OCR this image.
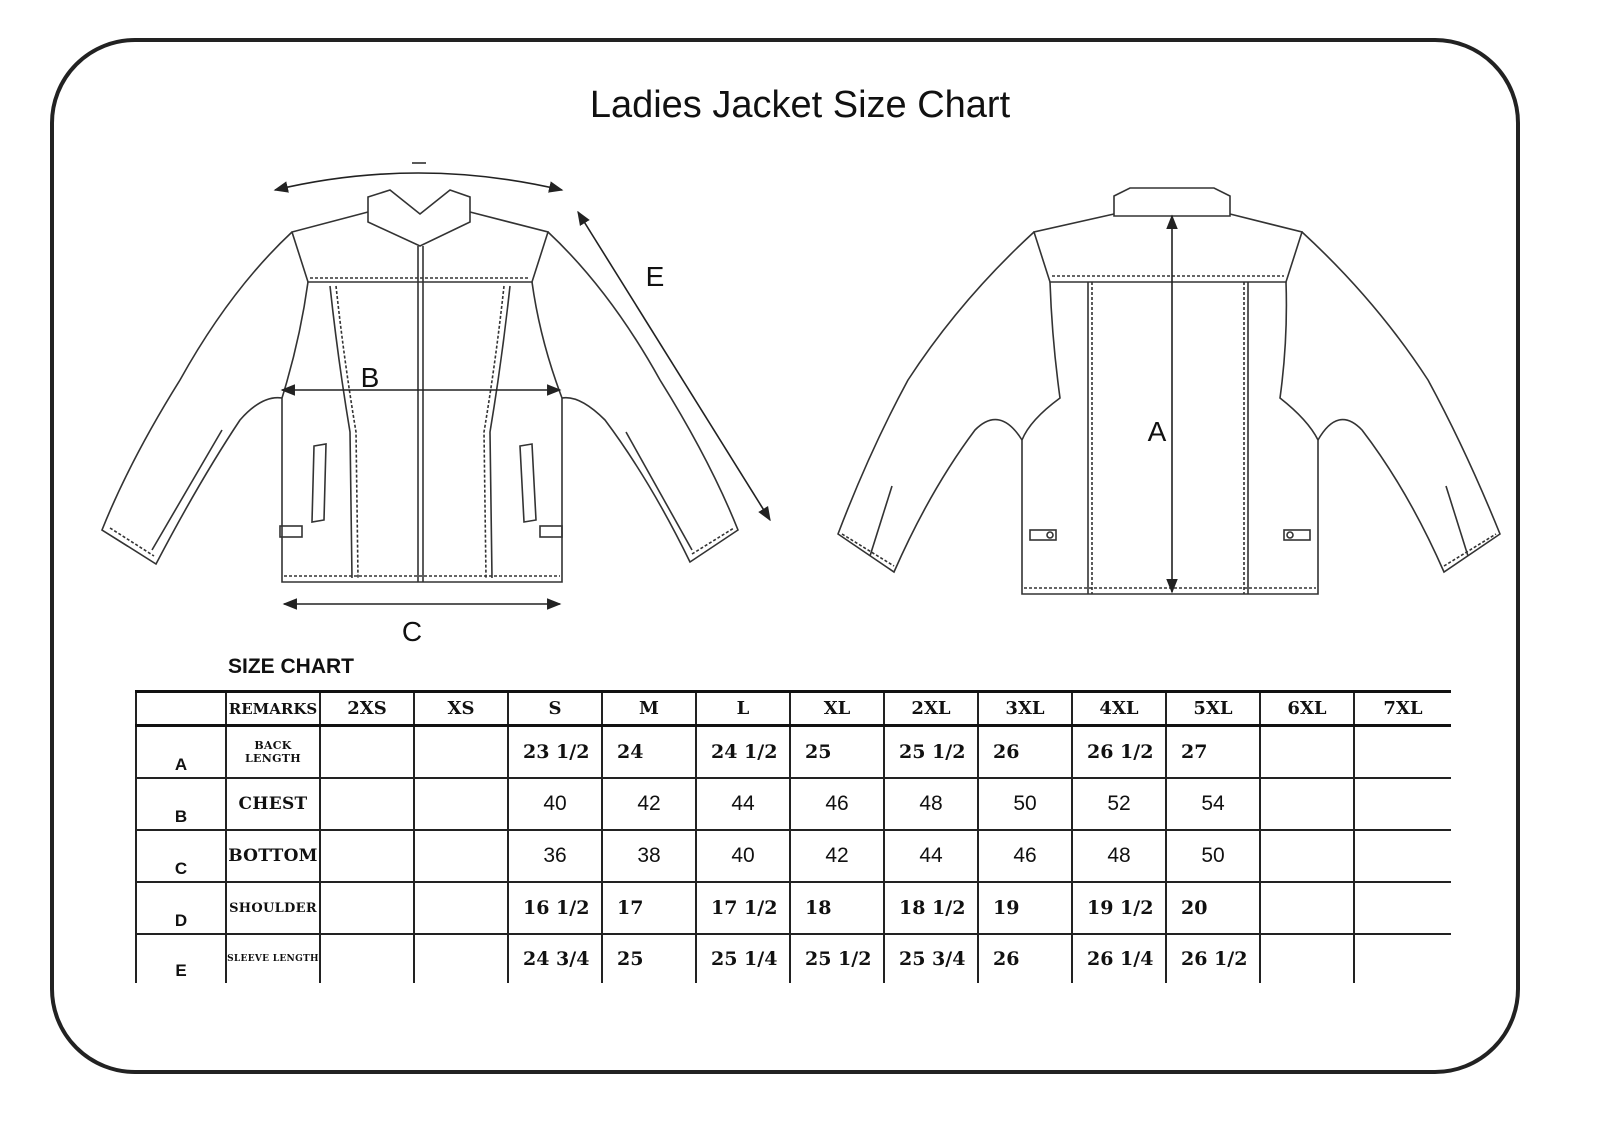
Ladies Jacket Size Chart
E
B
C
A
SIZE CHART
	REMARKS	2XS	XS	S	M	L	XL	2XL	3XL	4XL	5XL	6XL	7XL
A	BACK LENGTH			23 1/2	24	24 1/2	25	25 1/2	26	26 1/2	27		
B	CHEST			40	42	44	46	48	50	52	54		
C	BOTTOM			36	38	40	42	44	46	48	50		
D	SHOULDER			16 1/2	17	17 1/2	18	18 1/2	19	19 1/2	20		
E	SLEEVE LENGTH			24 3/4	25	25 1/4	25 1/2	25 3/4	26	26 1/4	26 1/2		
